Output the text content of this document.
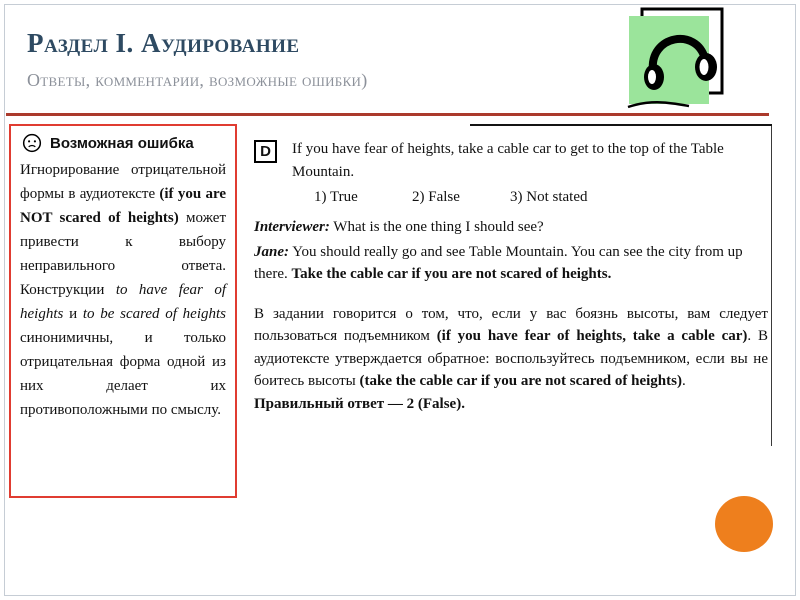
Раздел I. Аудирование
Ответы, комментарии, возможные ошибки)
Возможная ошибка

Игнорирование отрицательной формы в аудиотексте (if you are NOT scared of heights) может привести к выбору неправильного ответа. Конструкции to have fear of heights и to be scared of heights синонимичны, и только отрицательная форма одной из них делает их противоположными по смыслу.

D	If you have fear of heights, take a cable car to get to the top of the Table Mountain.

1) True	2) False	3) Not stated

Interviewer: What is the one thing I should see?

Jane: You should really go and see Table Mountain. You can see the city from up there. Take the cable car if you are not scared of heights.

В задании говорится о том, что, если у вас боязнь высоты, вам следует пользоваться подъемником (if you have fear of heights, take a cable car). В аудиотексте утверждается обратное: воспользуйтесь подъемником, если вы не боитесь высоты (take the cable car if you are not scared of heights).

Правильный ответ — 2 (False).
